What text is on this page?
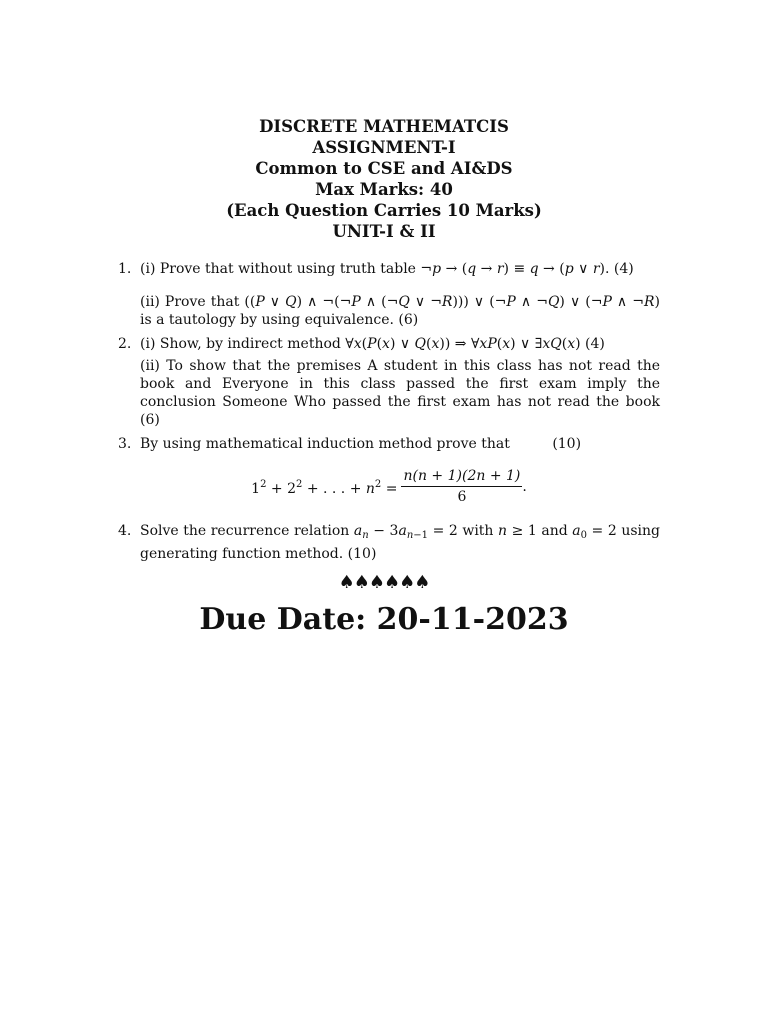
DISCRETE MATHEMATCIS
ASSIGNMENT-I
Common to CSE and AI&DS
Max Marks: 40
(Each Question Carries 10 Marks)
UNIT-I & II
1. (i) Prove that without using truth table ¬p → (q → r) ≡ q → (p ∨ r). (4)
(ii) Prove that ((P ∨ Q) ∧ ¬(¬P ∧ (¬Q ∨ ¬R))) ∨ (¬P ∧ ¬Q) ∨ (¬P ∧ ¬R) is a tautology by using equivalence. (6)
2. (i) Show, by indirect method ∀x(P(x) ∨ Q(x)) ⇒ ∀xP(x) ∨ ∃xQ(x) (4)
(ii) To show that the premises A student in this class has not read the book and Everyone in this class passed the first exam imply the conclusion Someone Who passed the first exam has not read the book (6)
3. By using mathematical induction method prove that	(10)
$1^2 + 2^2$ + . . . + $n^2 = \frac{n(n + 1)(2n + 1)}{6}$ .
4. Solve the recurrence relation $a_n - 3a_{n-1} = 2$ with n ≥ 1 and $a_0 = 2$ using generating function method. (10)
♠♠♠♠♠♠
Due Date: 20-11-2023
